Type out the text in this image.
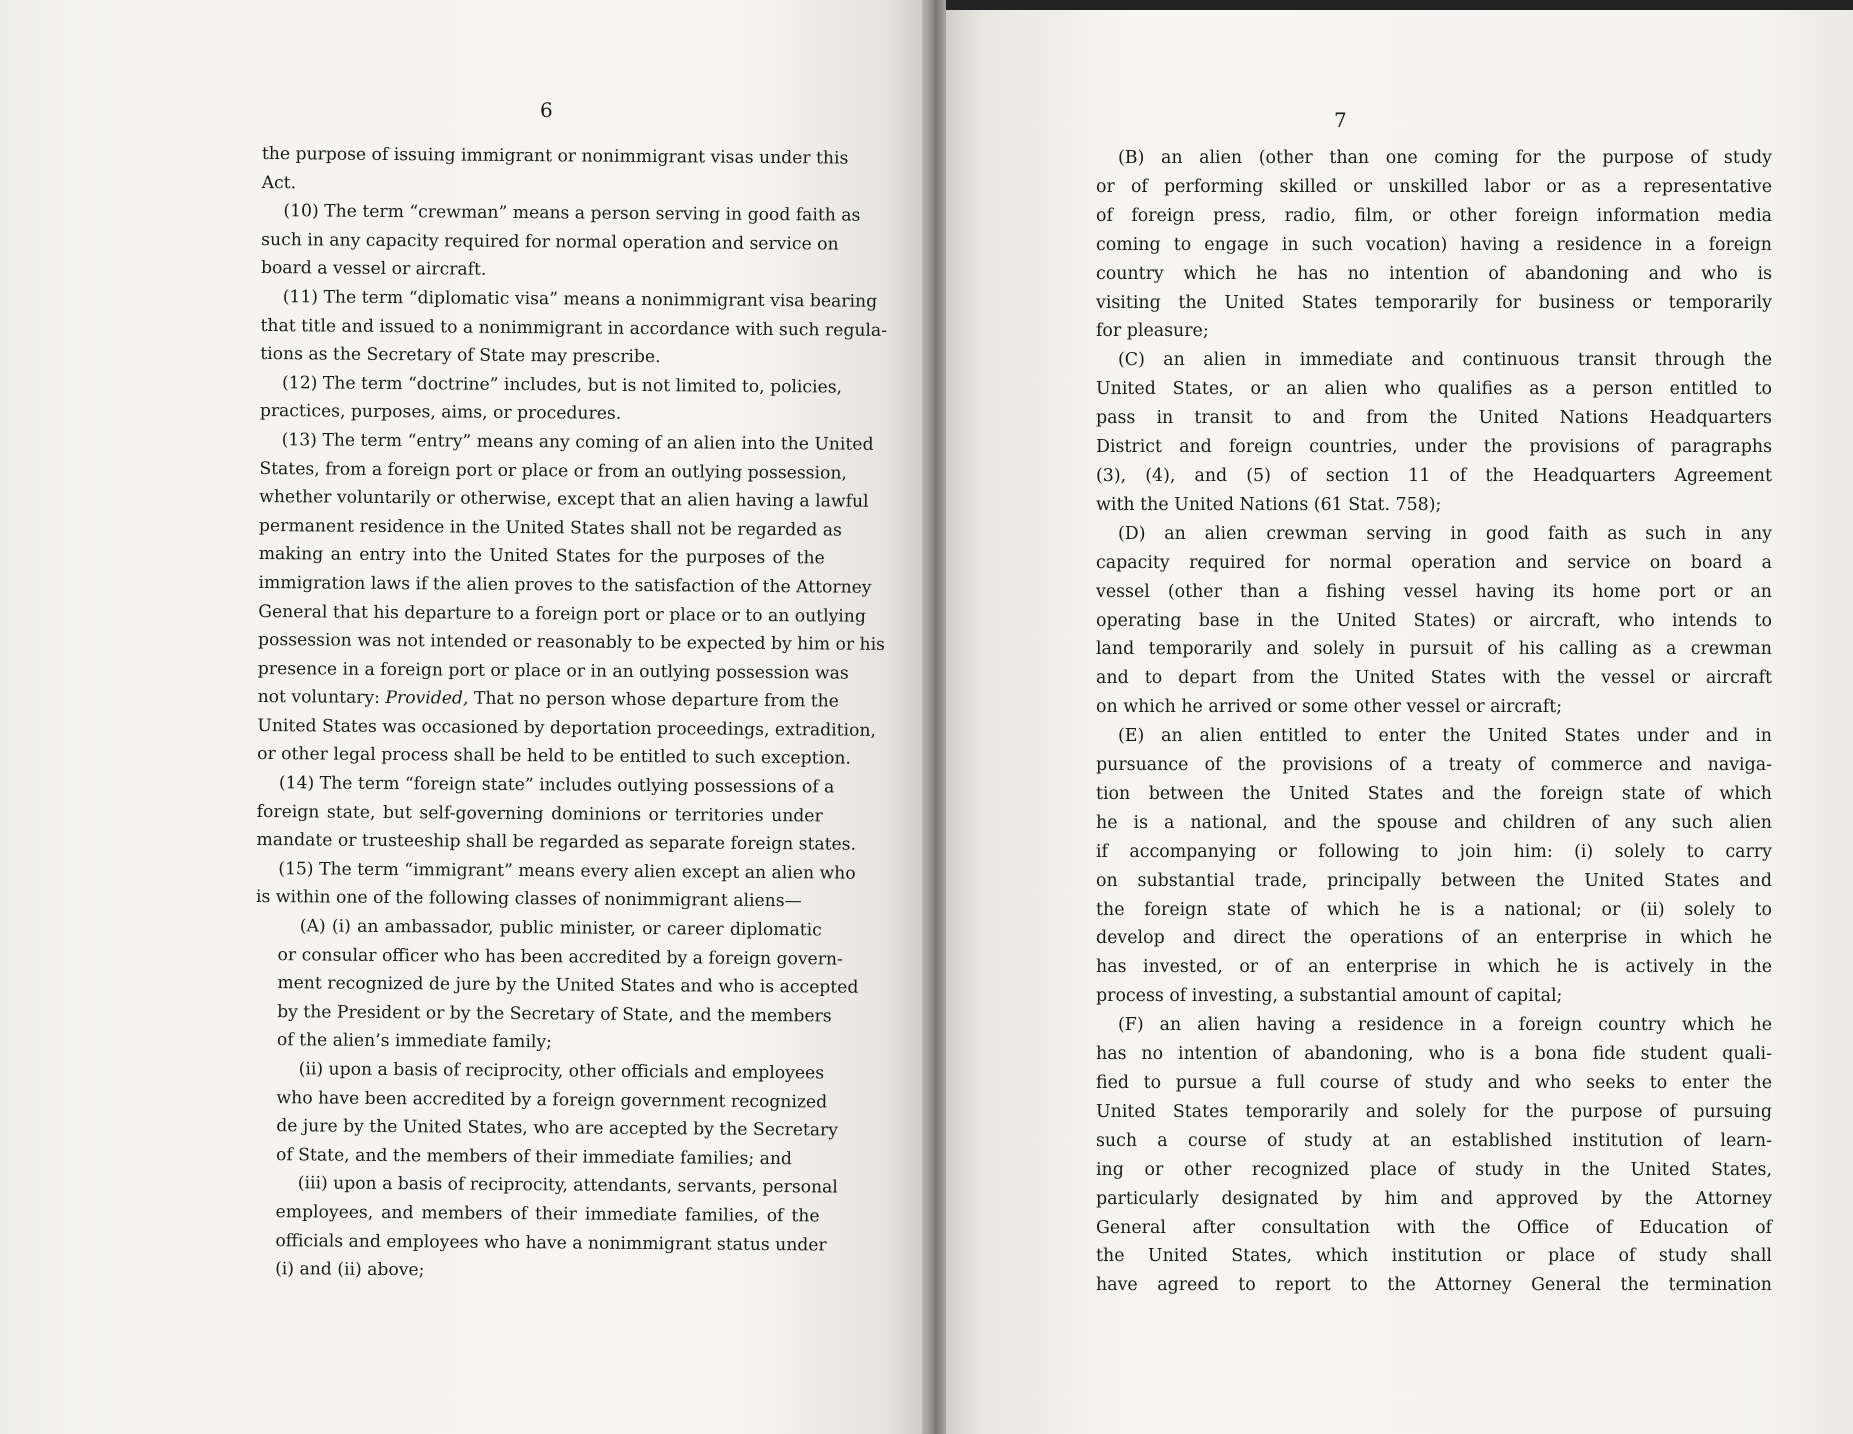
6
the purpose of issuing immigrant or nonimmigrant visas under this
Act.
(10) The term “crewman” means a person serving in good faith as
such in any capacity required for normal operation and service on
board a vessel or aircraft.
(11) The term “diplomatic visa” means a nonimmigrant visa bearing
that title and issued to a nonimmigrant in accordance with such regula-
tions as the Secretary of State may prescribe.
(12) The term “doctrine” includes, but is not limited to, policies,
practices, purposes, aims, or procedures.
(13) The term “entry” means any coming of an alien into the United
States, from a foreign port or place or from an outlying possession,
whether voluntarily or otherwise, except that an alien having a lawful
permanent residence in the United States shall not be regarded as
making an entry into the United States for the purposes of the
immigration laws if the alien proves to the satisfaction of the Attorney
General that his departure to a foreign port or place or to an outlying
possession was not intended or reasonably to be expected by him or his
presence in a foreign port or place or in an outlying possession was
not voluntary: Provided, That no person whose departure from the
United States was occasioned by deportation proceedings, extradition,
or other legal process shall be held to be entitled to such exception.
(14) The term “foreign state” includes outlying possessions of a
foreign state, but self-governing dominions or territories under
mandate or trusteeship shall be regarded as separate foreign states.
(15) The term “immigrant” means every alien except an alien who
is within one of the following classes of nonimmigrant aliens—
(A) (i) an ambassador, public minister, or career diplomatic
or consular officer who has been accredited by a foreign govern-
ment recognized de jure by the United States and who is accepted
by the President or by the Secretary of State, and the members
of the alien’s immediate family;
(ii) upon a basis of reciprocity, other officials and employees
who have been accredited by a foreign government recognized
de jure by the United States, who are accepted by the Secretary
of State, and the members of their immediate families; and
(iii) upon a basis of reciprocity, attendants, servants, personal
employees, and members of their immediate families, of the
officials and employees who have a nonimmigrant status under
(i) and (ii) above;
7
(B) an alien (other than one coming for the purpose of study
or of performing skilled or unskilled labor or as a representative
of foreign press, radio, film, or other foreign information media
coming to engage in such vocation) having a residence in a foreign
country which he has no intention of abandoning and who is
visiting the United States temporarily for business or temporarily
for pleasure;
(C) an alien in immediate and continuous transit through the
United States, or an alien who qualifies as a person entitled to
pass in transit to and from the United Nations Headquarters
District and foreign countries, under the provisions of paragraphs
(3), (4), and (5) of section 11 of the Headquarters Agreement
with the United Nations (61 Stat. 758);
(D) an alien crewman serving in good faith as such in any
capacity required for normal operation and service on board a
vessel (other than a fishing vessel having its home port or an
operating base in the United States) or aircraft, who intends to
land temporarily and solely in pursuit of his calling as a crewman
and to depart from the United States with the vessel or aircraft
on which he arrived or some other vessel or aircraft;
(E) an alien entitled to enter the United States under and in
pursuance of the provisions of a treaty of commerce and naviga-
tion between the United States and the foreign state of which
he is a national, and the spouse and children of any such alien
if accompanying or following to join him: (i) solely to carry
on substantial trade, principally between the United States and
the foreign state of which he is a national; or (ii) solely to
develop and direct the operations of an enterprise in which he
has invested, or of an enterprise in which he is actively in the
process of investing, a substantial amount of capital;
(F) an alien having a residence in a foreign country which he
has no intention of abandoning, who is a bona fide student quali-
fied to pursue a full course of study and who seeks to enter the
United States temporarily and solely for the purpose of pursuing
such a course of study at an established institution of learn-
ing or other recognized place of study in the United States,
particularly designated by him and approved by the Attorney
General after consultation with the Office of Education of
the United States, which institution or place of study shall
have agreed to report to the Attorney General the termination
